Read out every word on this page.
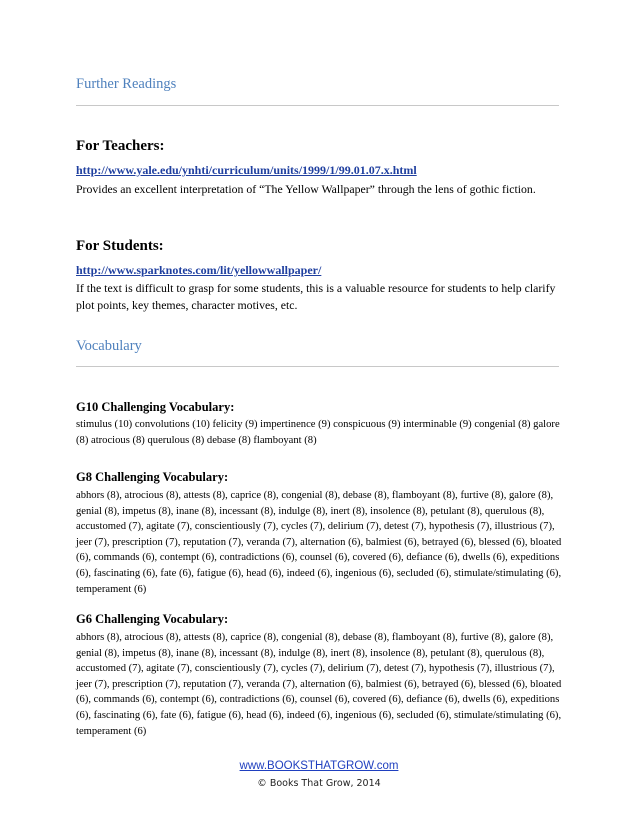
Further Readings
For Teachers:
http://www.yale.edu/ynhti/curriculum/units/1999/1/99.01.07.x.html
Provides an excellent interpretation of “The Yellow Wallpaper” through the lens of gothic fiction.
For Students:
http://www.sparknotes.com/lit/yellowwallpaper/
If the text is difficult to grasp for some students, this is a valuable resource for students to help clarify plot points, key themes, character motives, etc.
Vocabulary
G10 Challenging Vocabulary:
stimulus (10) convolutions (10) felicity (9) impertinence (9) conspicuous (9) interminable (9) congenial (8) galore (8) atrocious (8) querulous (8) debase (8) flamboyant (8)
G8 Challenging Vocabulary:
abhors (8), atrocious (8), attests (8), caprice (8), congenial (8), debase (8), flamboyant (8), furtive (8), galore (8), genial (8), impetus (8), inane (8), incessant (8), indulge (8), inert (8), insolence (8), petulant (8), querulous (8), accustomed (7), agitate (7), conscientiously (7), cycles (7), delirium (7), detest (7), hypothesis (7), illustrious (7), jeer (7), prescription (7), reputation (7), veranda (7), alternation (6), balmiest (6), betrayed (6), blessed (6), bloated (6), commands (6), contempt (6), contradictions (6), counsel (6), covered (6), defiance (6), dwells (6), expeditions (6), fascinating (6), fate (6), fatigue (6), head (6), indeed (6), ingenious (6), secluded (6), stimulate/stimulating (6), temperament (6)
G6 Challenging Vocabulary:
abhors (8), atrocious (8), attests (8), caprice (8), congenial (8), debase (8), flamboyant (8), furtive (8), galore (8), genial (8), impetus (8), inane (8), incessant (8), indulge (8), inert (8), insolence (8), petulant (8), querulous (8), accustomed (7), agitate (7), conscientiously (7), cycles (7), delirium (7), detest (7), hypothesis (7), illustrious (7), jeer (7), prescription (7), reputation (7), veranda (7), alternation (6), balmiest (6), betrayed (6), blessed (6), bloated (6), commands (6), contempt (6), contradictions (6), counsel (6), covered (6), defiance (6), dwells (6), expeditions (6), fascinating (6), fate (6), fatigue (6), head (6), indeed (6), ingenious (6), secluded (6), stimulate/stimulating (6), temperament (6)
www.BOOKSTHATGROW.com
© Books That Grow, 2014
